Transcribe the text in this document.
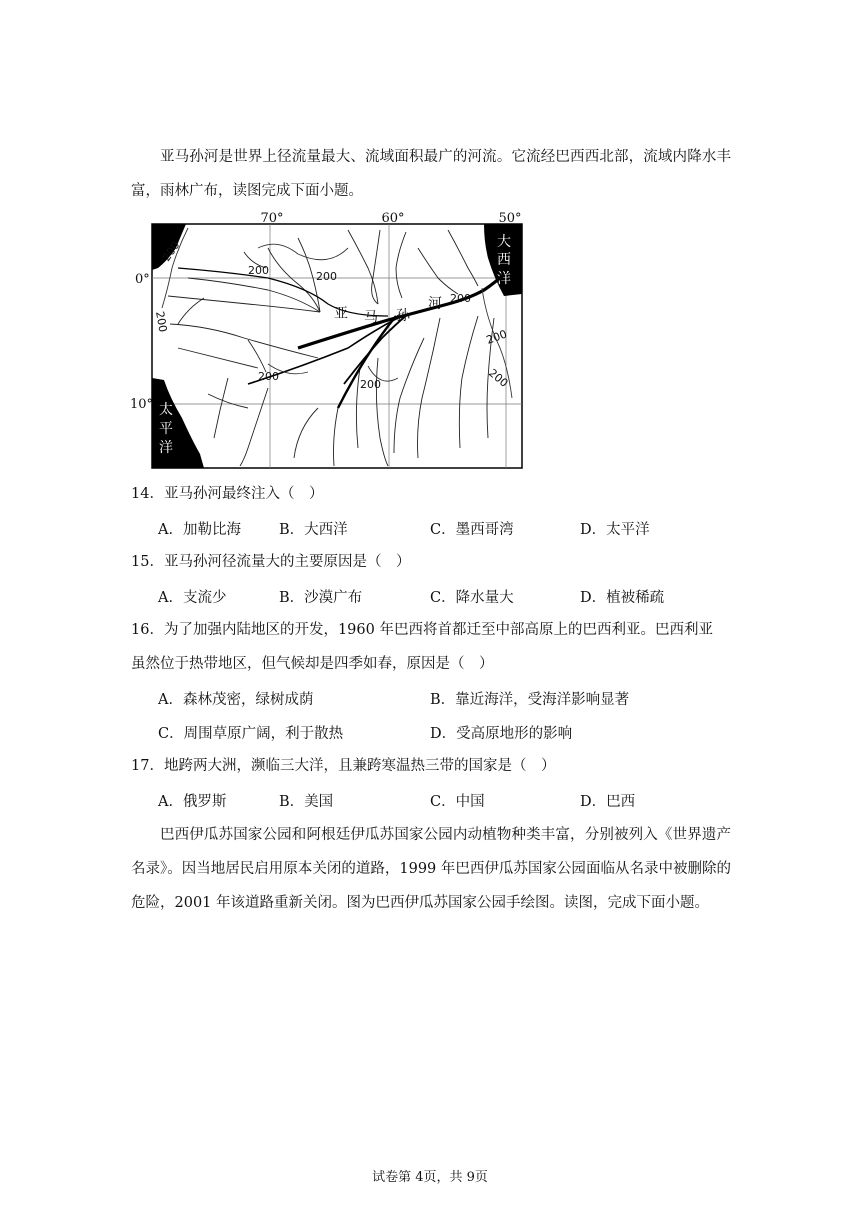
亚马孙河是世界上径流量最大、流域面积最广的河流。它流经巴西西北部，流域内降水丰富，雨林广布，读图完成下面小题。
大
西
洋
太
平
洋
200
200	200
200
200
200
200
200
200
亚 马 孙
河
70°	60°	50°
0°
10°
14．亚马孙河最终注入（　）
A．加勒比海	B．大西洋	C．墨西哥湾	D．太平洋
15．亚马孙河径流量大的主要原因是（　）
A．支流少	B．沙漠广布	C．降水量大	D．植被稀疏
16．为了加强内陆地区的开发，1960 年巴西将首都迁至中部高原上的巴西利亚。巴西利亚
虽然位于热带地区，但气候却是四季如春，原因是（　）
A．森林茂密，绿树成荫	B．靠近海洋，受海洋影响显著
C．周围草原广阔，利于散热	D．受高原地形的影响
17．地跨两大洲，濒临三大洋，且兼跨寒温热三带的国家是（　）
A．俄罗斯	B．美国	C．中国	D．巴西
巴西伊瓜苏国家公园和阿根廷伊瓜苏国家公园内动植物种类丰富，分别被列入《世界遗产名录》。因当地居民启用原本关闭的道路，1999 年巴西伊瓜苏国家公园面临从名录中被删除的危险，2001 年该道路重新关闭。图为巴西伊瓜苏国家公园手绘图。读图，完成下面小题。
试卷第 4页，共 9页
